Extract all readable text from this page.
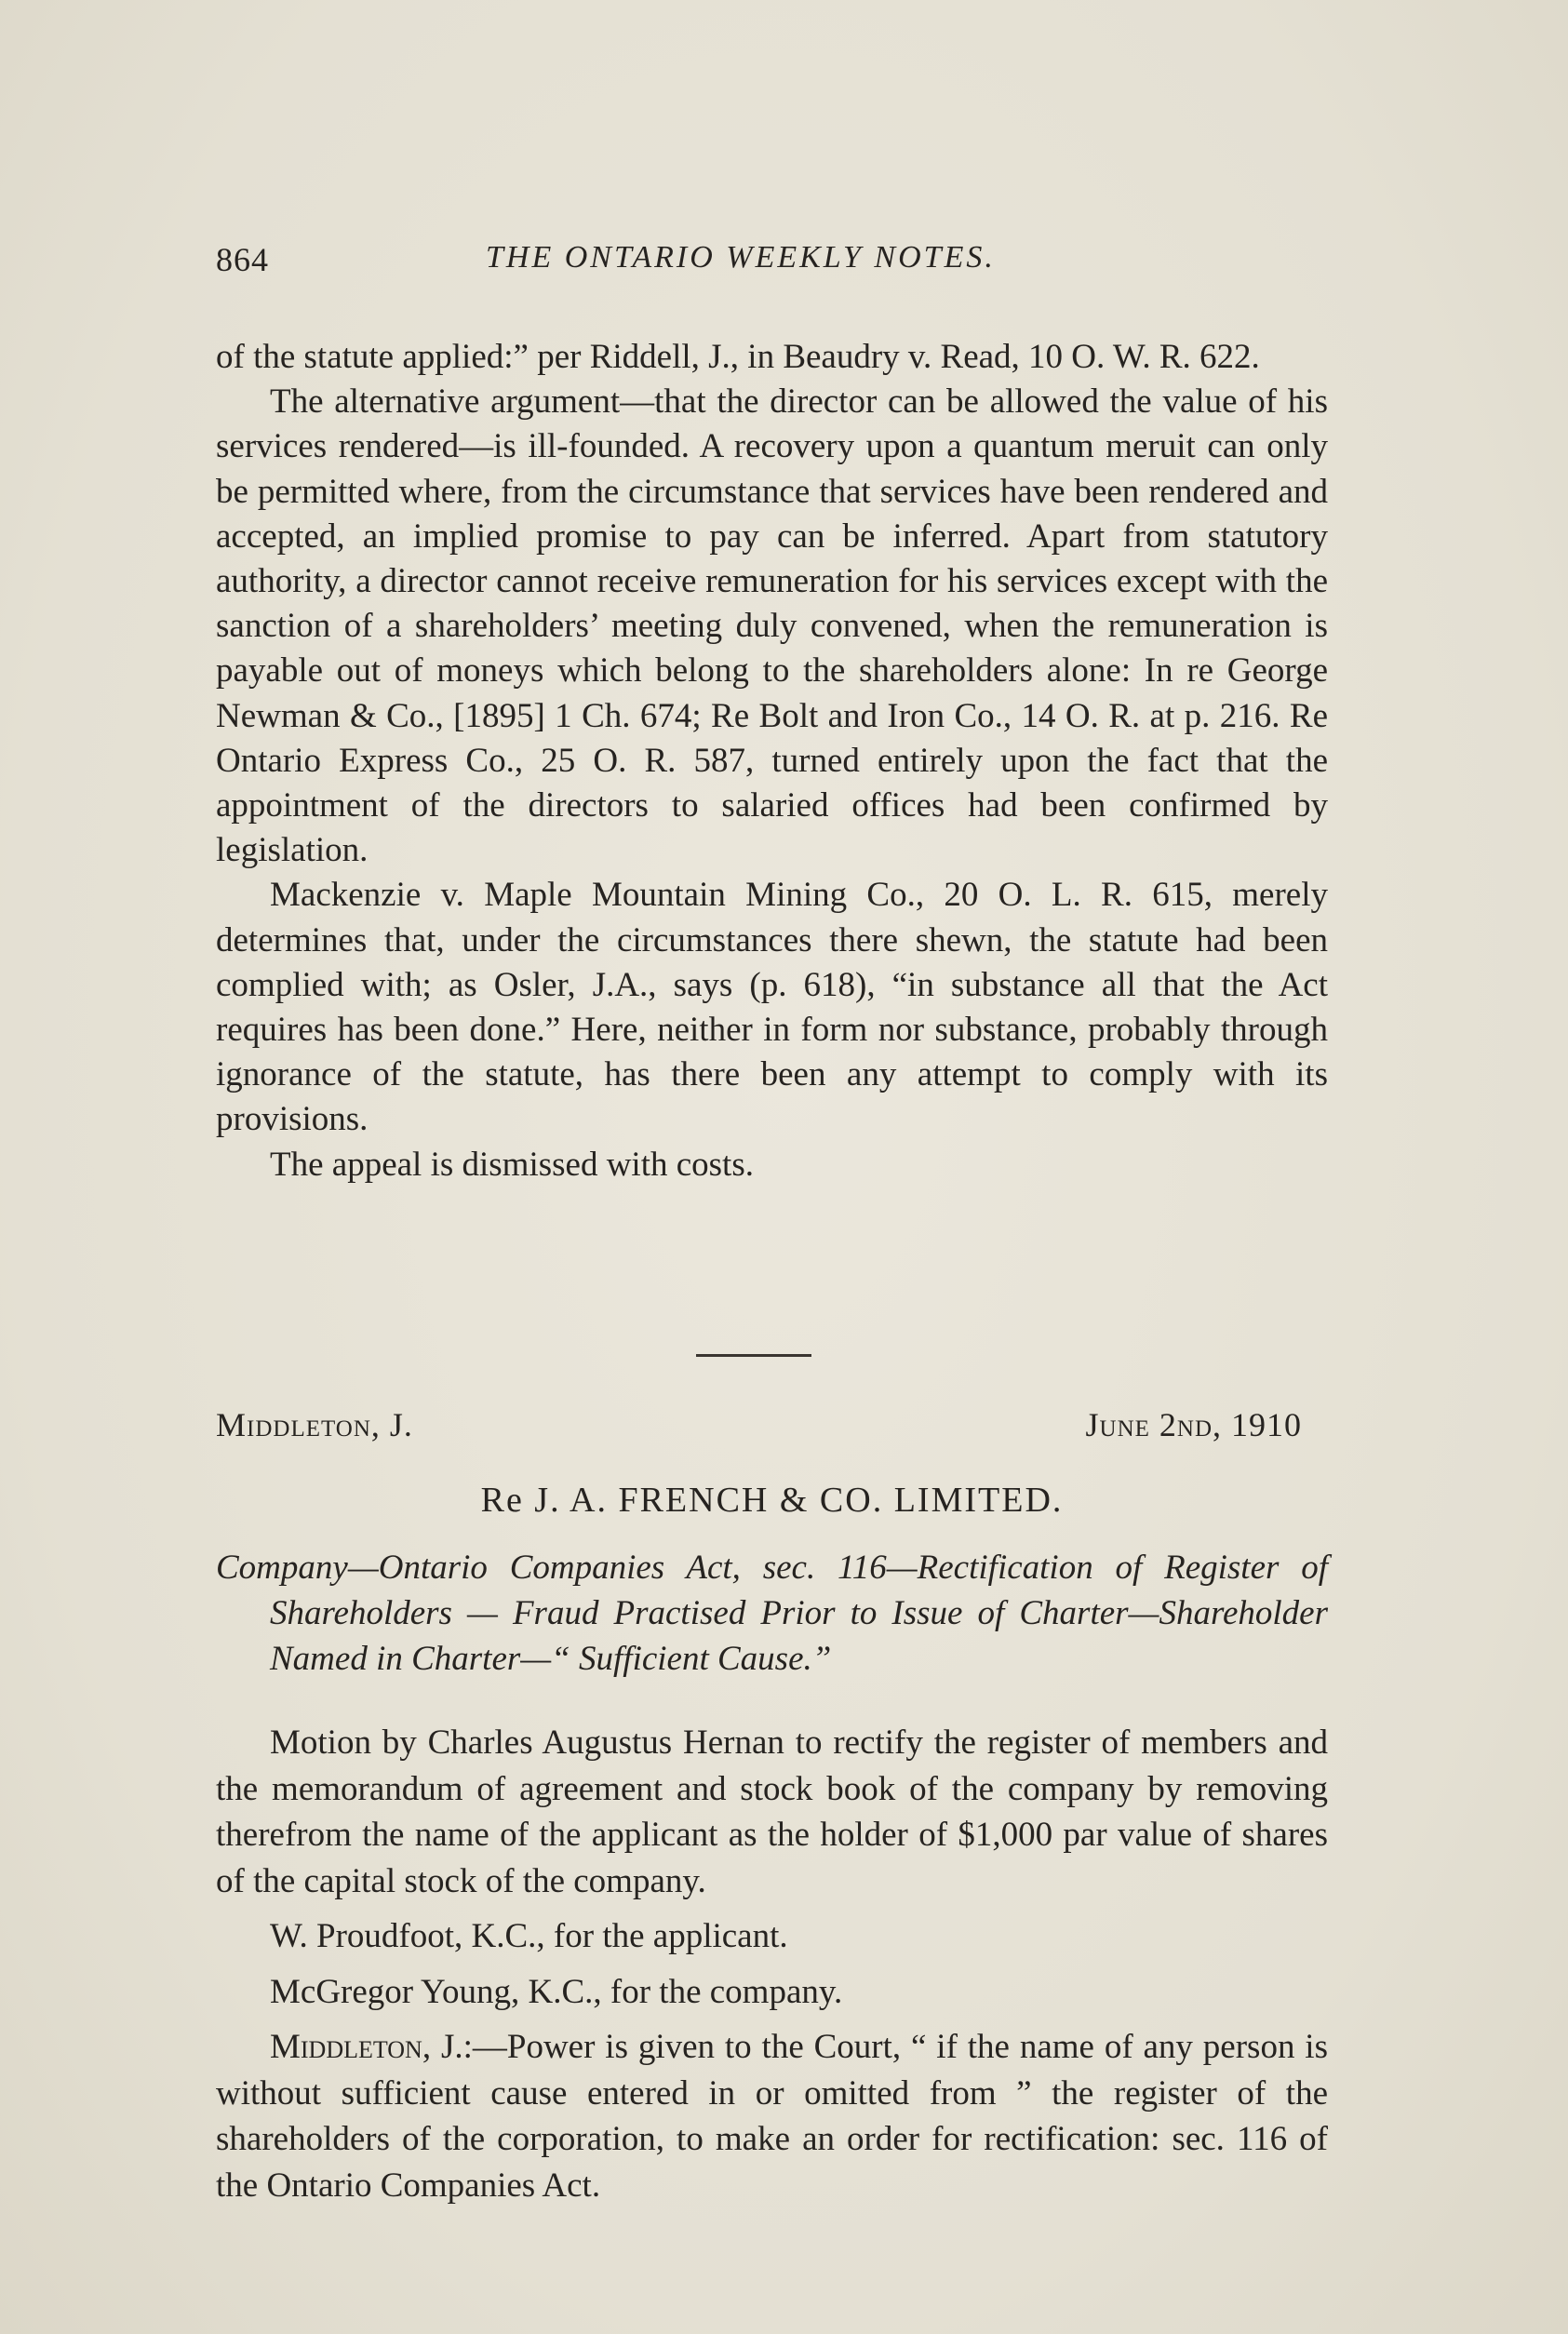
864	THE ONTARIO WEEKLY NOTES.

of the statute applied:” per Riddell, J., in Beaudry v. Read, 10 O. W. R. 622.

The alternative argument—that the director can be allowed the value of his services rendered—is ill-founded. A recovery upon a quantum meruit can only be permitted where, from the circumstance that services have been rendered and accepted, an implied promise to pay can be inferred. Apart from statutory authority, a director cannot receive remuneration for his services except with the sanction of a shareholders’ meeting duly convened, when the remuneration is payable out of moneys which belong to the shareholders alone: In re George Newman & Co., [1895] 1 Ch. 674; Re Bolt and Iron Co., 14 O. R. at p. 216. Re Ontario Express Co., 25 O. R. 587, turned entirely upon the fact that the appointment of the directors to salaried offices had been confirmed by legislation.

Mackenzie v. Maple Mountain Mining Co., 20 O. L. R. 615, merely determines that, under the circumstances there shewn, the statute had been complied with; as Osler, J.A., says (p. 618), “in substance all that the Act requires has been done.” Here, neither in form nor substance, probably through ignorance of the statute, has there been any attempt to comply with its provisions.

The appeal is dismissed with costs.

Middleton, J.	June 2nd, 1910
Re J. A. FRENCH & CO. LIMITED.

Company—Ontario Companies Act, sec. 116—Rectification of Register of Shareholders — Fraud Practised Prior to Issue of Charter—Shareholder Named in Charter—“ Sufficient Cause.”

Motion by Charles Augustus Hernan to rectify the register of members and the memorandum of agreement and stock book of the company by removing therefrom the name of the applicant as the holder of $1,000 par value of shares of the capital stock of the company.

W. Proudfoot, K.C., for the applicant.

McGregor Young, K.C., for the company.

Middleton, J.:—Power is given to the Court, “ if the name of any person is without sufficient cause entered in or omitted from ” the register of the shareholders of the corporation, to make an order for rectification: sec. 116 of the Ontario Companies Act.
